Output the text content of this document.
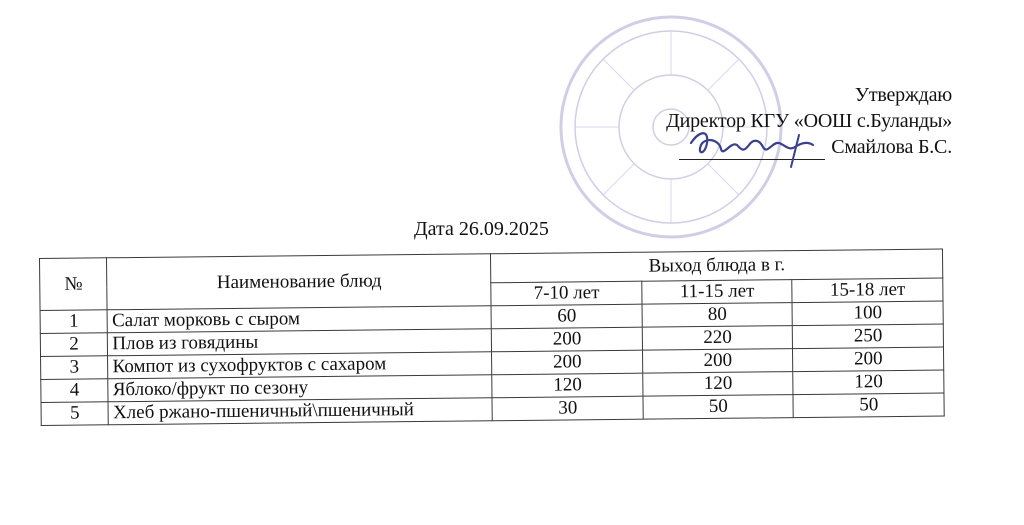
Утверждаю
Директор КГУ «ООШ с.Буланды»
Смайлова Б.С.
Дата 26.09.2025
№	Наименование блюд	Выход блюда в г.		
		7-10 лет	11-15 лет	15-18 лет
1	Салат морковь с сыром	60	80	100
2	Плов из говядины	200	220	250
3	Компот из сухофруктов с сахаром	200	200	200
4	Яблоко/фрукт по сезону	120	120	120
5	Хлеб ржано-пшеничный\пшеничный	30	50	50
